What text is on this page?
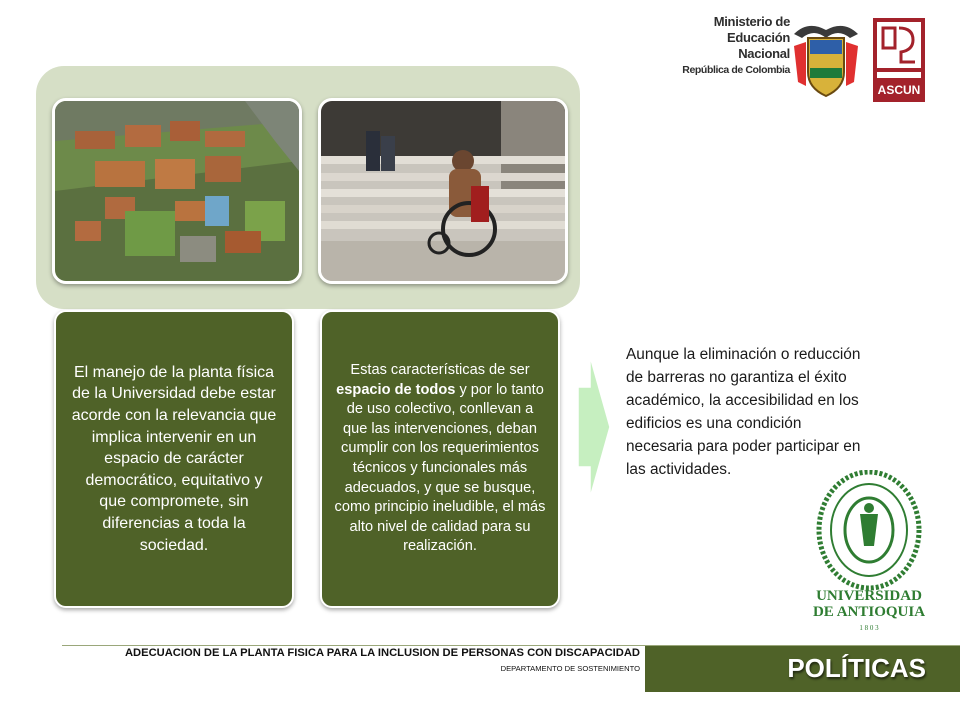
El manejo de la planta física de la Universidad debe estar acorde con la relevancia que implica intervenir en un espacio de carácter democrático, equitativo y que compromete, sin diferencias a toda la sociedad.

Estas características de ser espacio de todos y por lo tanto de uso colectivo, conllevan a que las intervenciones, deban cumplir con los requerimientos técnicos y funcionales más adecuados, y que se busque, como principio ineludible, el más alto nivel de calidad para su realización.

Aunque la eliminación o reducción de barreras no garantiza el éxito académico, la accesibilidad en los edificios es una condición necesaria para poder participar en las actividades.

Ministerio de
Educación
Nacional
República de Colombia
ASCUN
UNIVERSIDAD
DE ANTIOQUIA
1 8 0 3
ADECUACION DE LA PLANTA FISICA PARA LA INCLUSION DE PERSONAS CON DISCAPACIDAD
DEPARTAMENTO DE SOSTENIMIENTO	POLÍTICAS
